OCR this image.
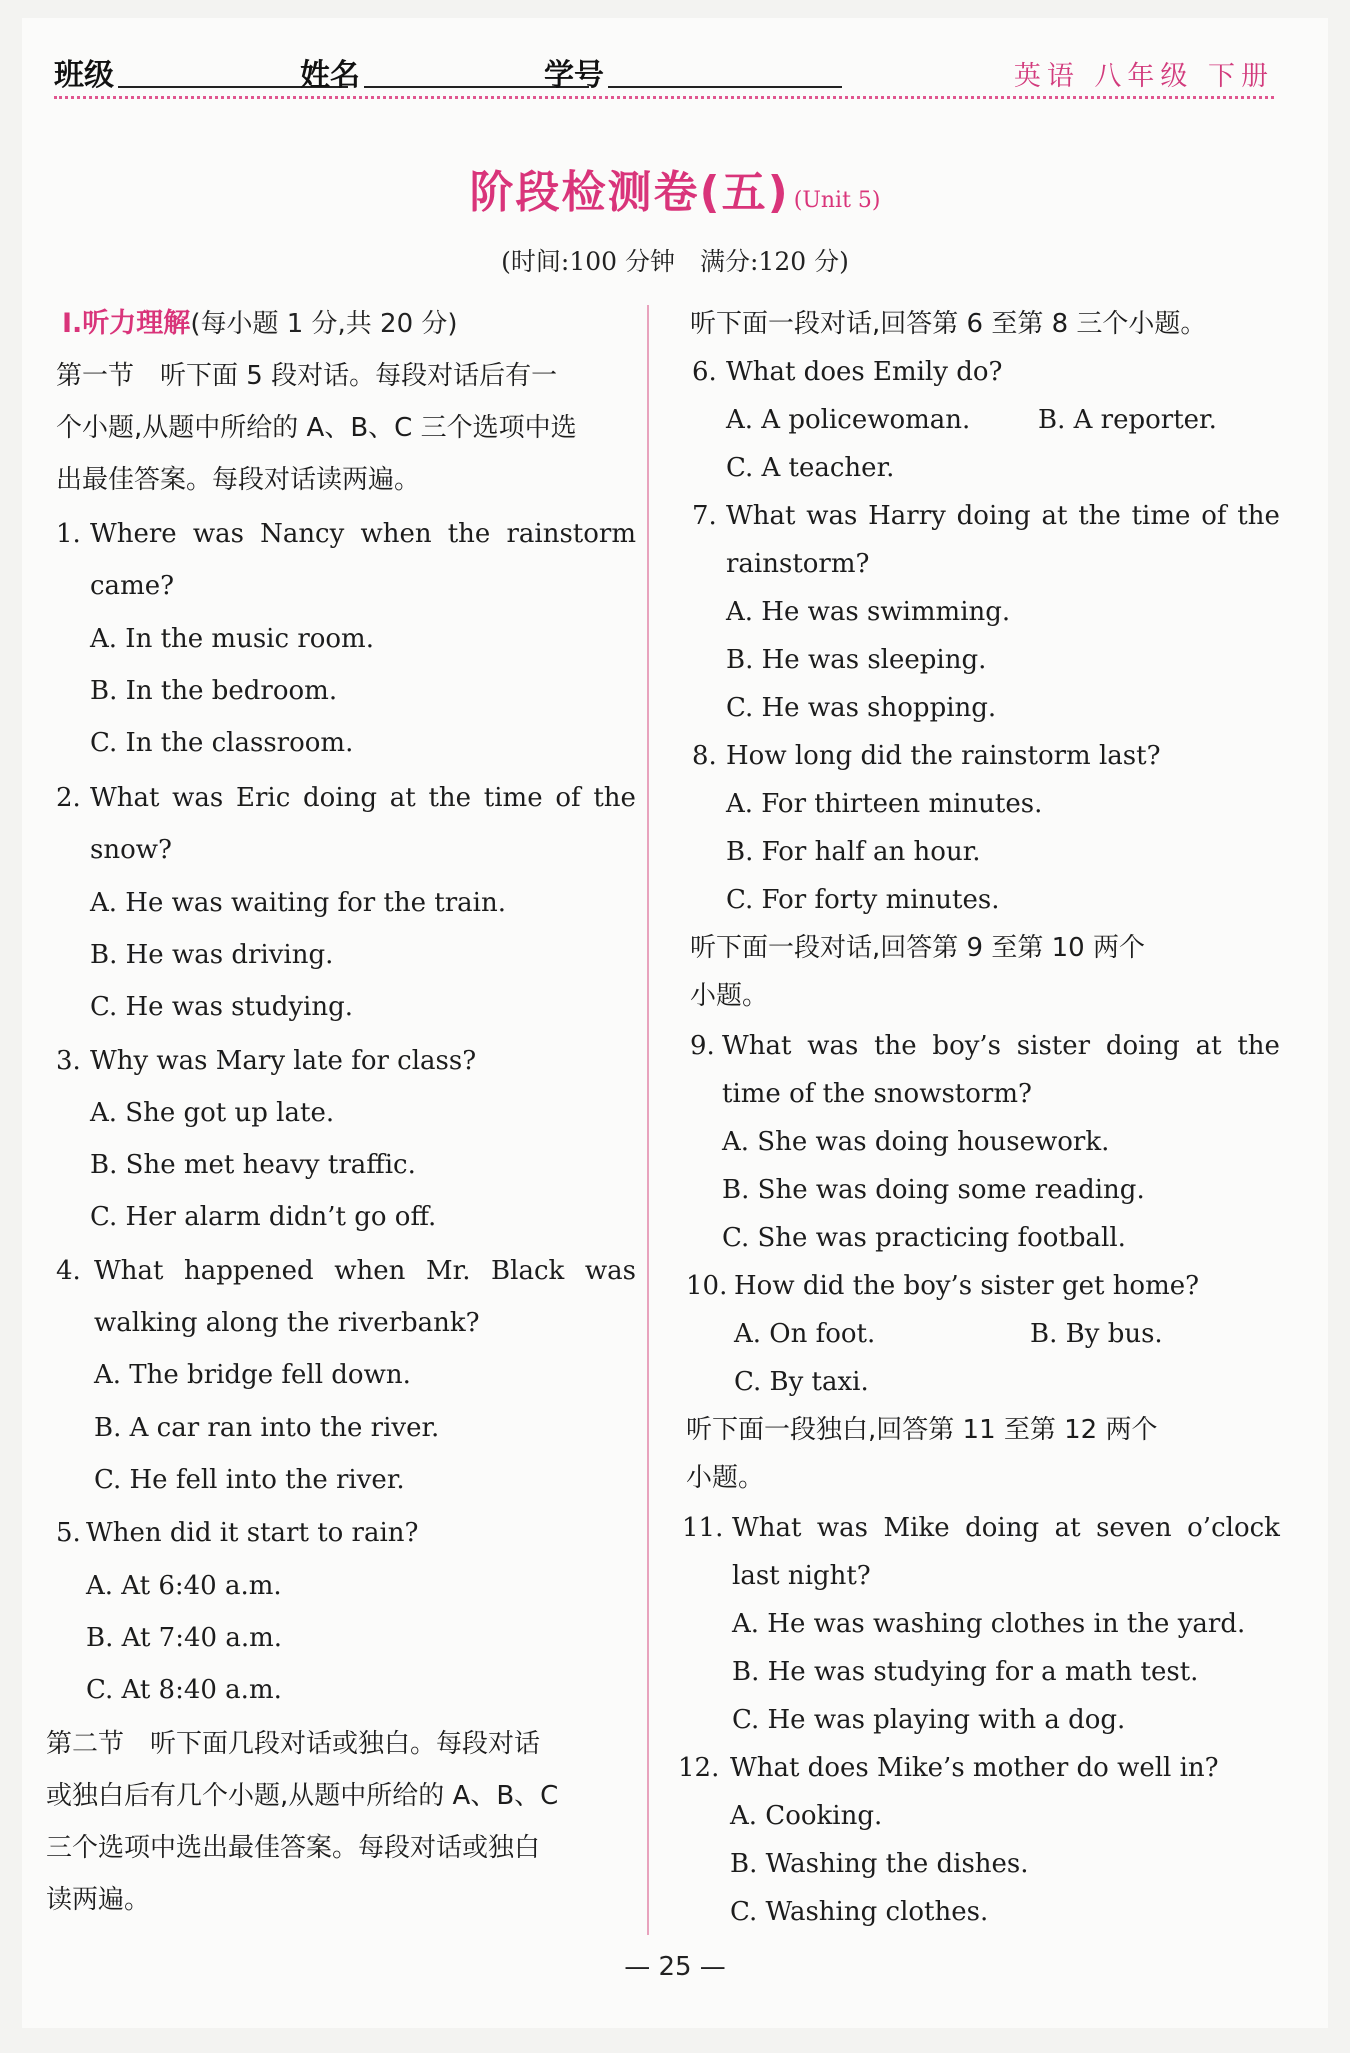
班级	姓名	学号	英语 八年级 下册
阶段检测卷(五) (Unit 5)
(时间:100 分钟　满分:120 分)
Ⅰ.听力理解(每小题 1 分,共 20 分)
第一节　听下面 5 段对话。每段对话后有一
个小题,从题中所给的 A、B、C 三个选项中选
出最佳答案。每段对话读两遍。
1. Where was Nancy when the rainstorm
came?
A. In the music room.
B. In the bedroom.
C. In the classroom.
2. What was Eric doing at the time of the
snow?
A. He was waiting for the train.
B. He was driving.
C. He was studying.
3. Why was Mary late for class?
A. She got up late.
B. She met heavy traffic.
C. Her alarm didn’t go off.
4. What happened when Mr. Black was
walking along the riverbank?
A. The bridge fell down.
B. A car ran into the river.
C. He fell into the river.
5. When did it start to rain?
A. At 6:40 a.m.
B. At 7:40 a.m.
C. At 8:40 a.m.
第二节　听下面几段对话或独白。每段对话
或独白后有几个小题,从题中所给的 A、B、C
三个选项中选出最佳答案。每段对话或独白
读两遍。
听下面一段对话,回答第 6 至第 8 三个小题。
6. What does Emily do?
A. A policewoman.	B. A reporter.
C. A teacher.
7. What was Harry doing at the time of the
rainstorm?
A. He was swimming.
B. He was sleeping.
C. He was shopping.
8. How long did the rainstorm last?
A. For thirteen minutes.
B. For half an hour.
C. For forty minutes.
听下面一段对话,回答第 9 至第 10 两个
小题。
9. What was the boy’s sister doing at the
time of the snowstorm?
A. She was doing housework.
B. She was doing some reading.
C. She was practicing football.
10. How did the boy’s sister get home?
A. On foot.	B. By bus.
C. By taxi.
听下面一段独白,回答第 11 至第 12 两个
小题。
11. What was Mike doing at seven o’clock
last night?
A. He was washing clothes in the yard.
B. He was studying for a math test.
C. He was playing with a dog.
12. What does Mike’s mother do well in?
A. Cooking.
B. Washing the dishes.
C. Washing clothes.
— 25 —
